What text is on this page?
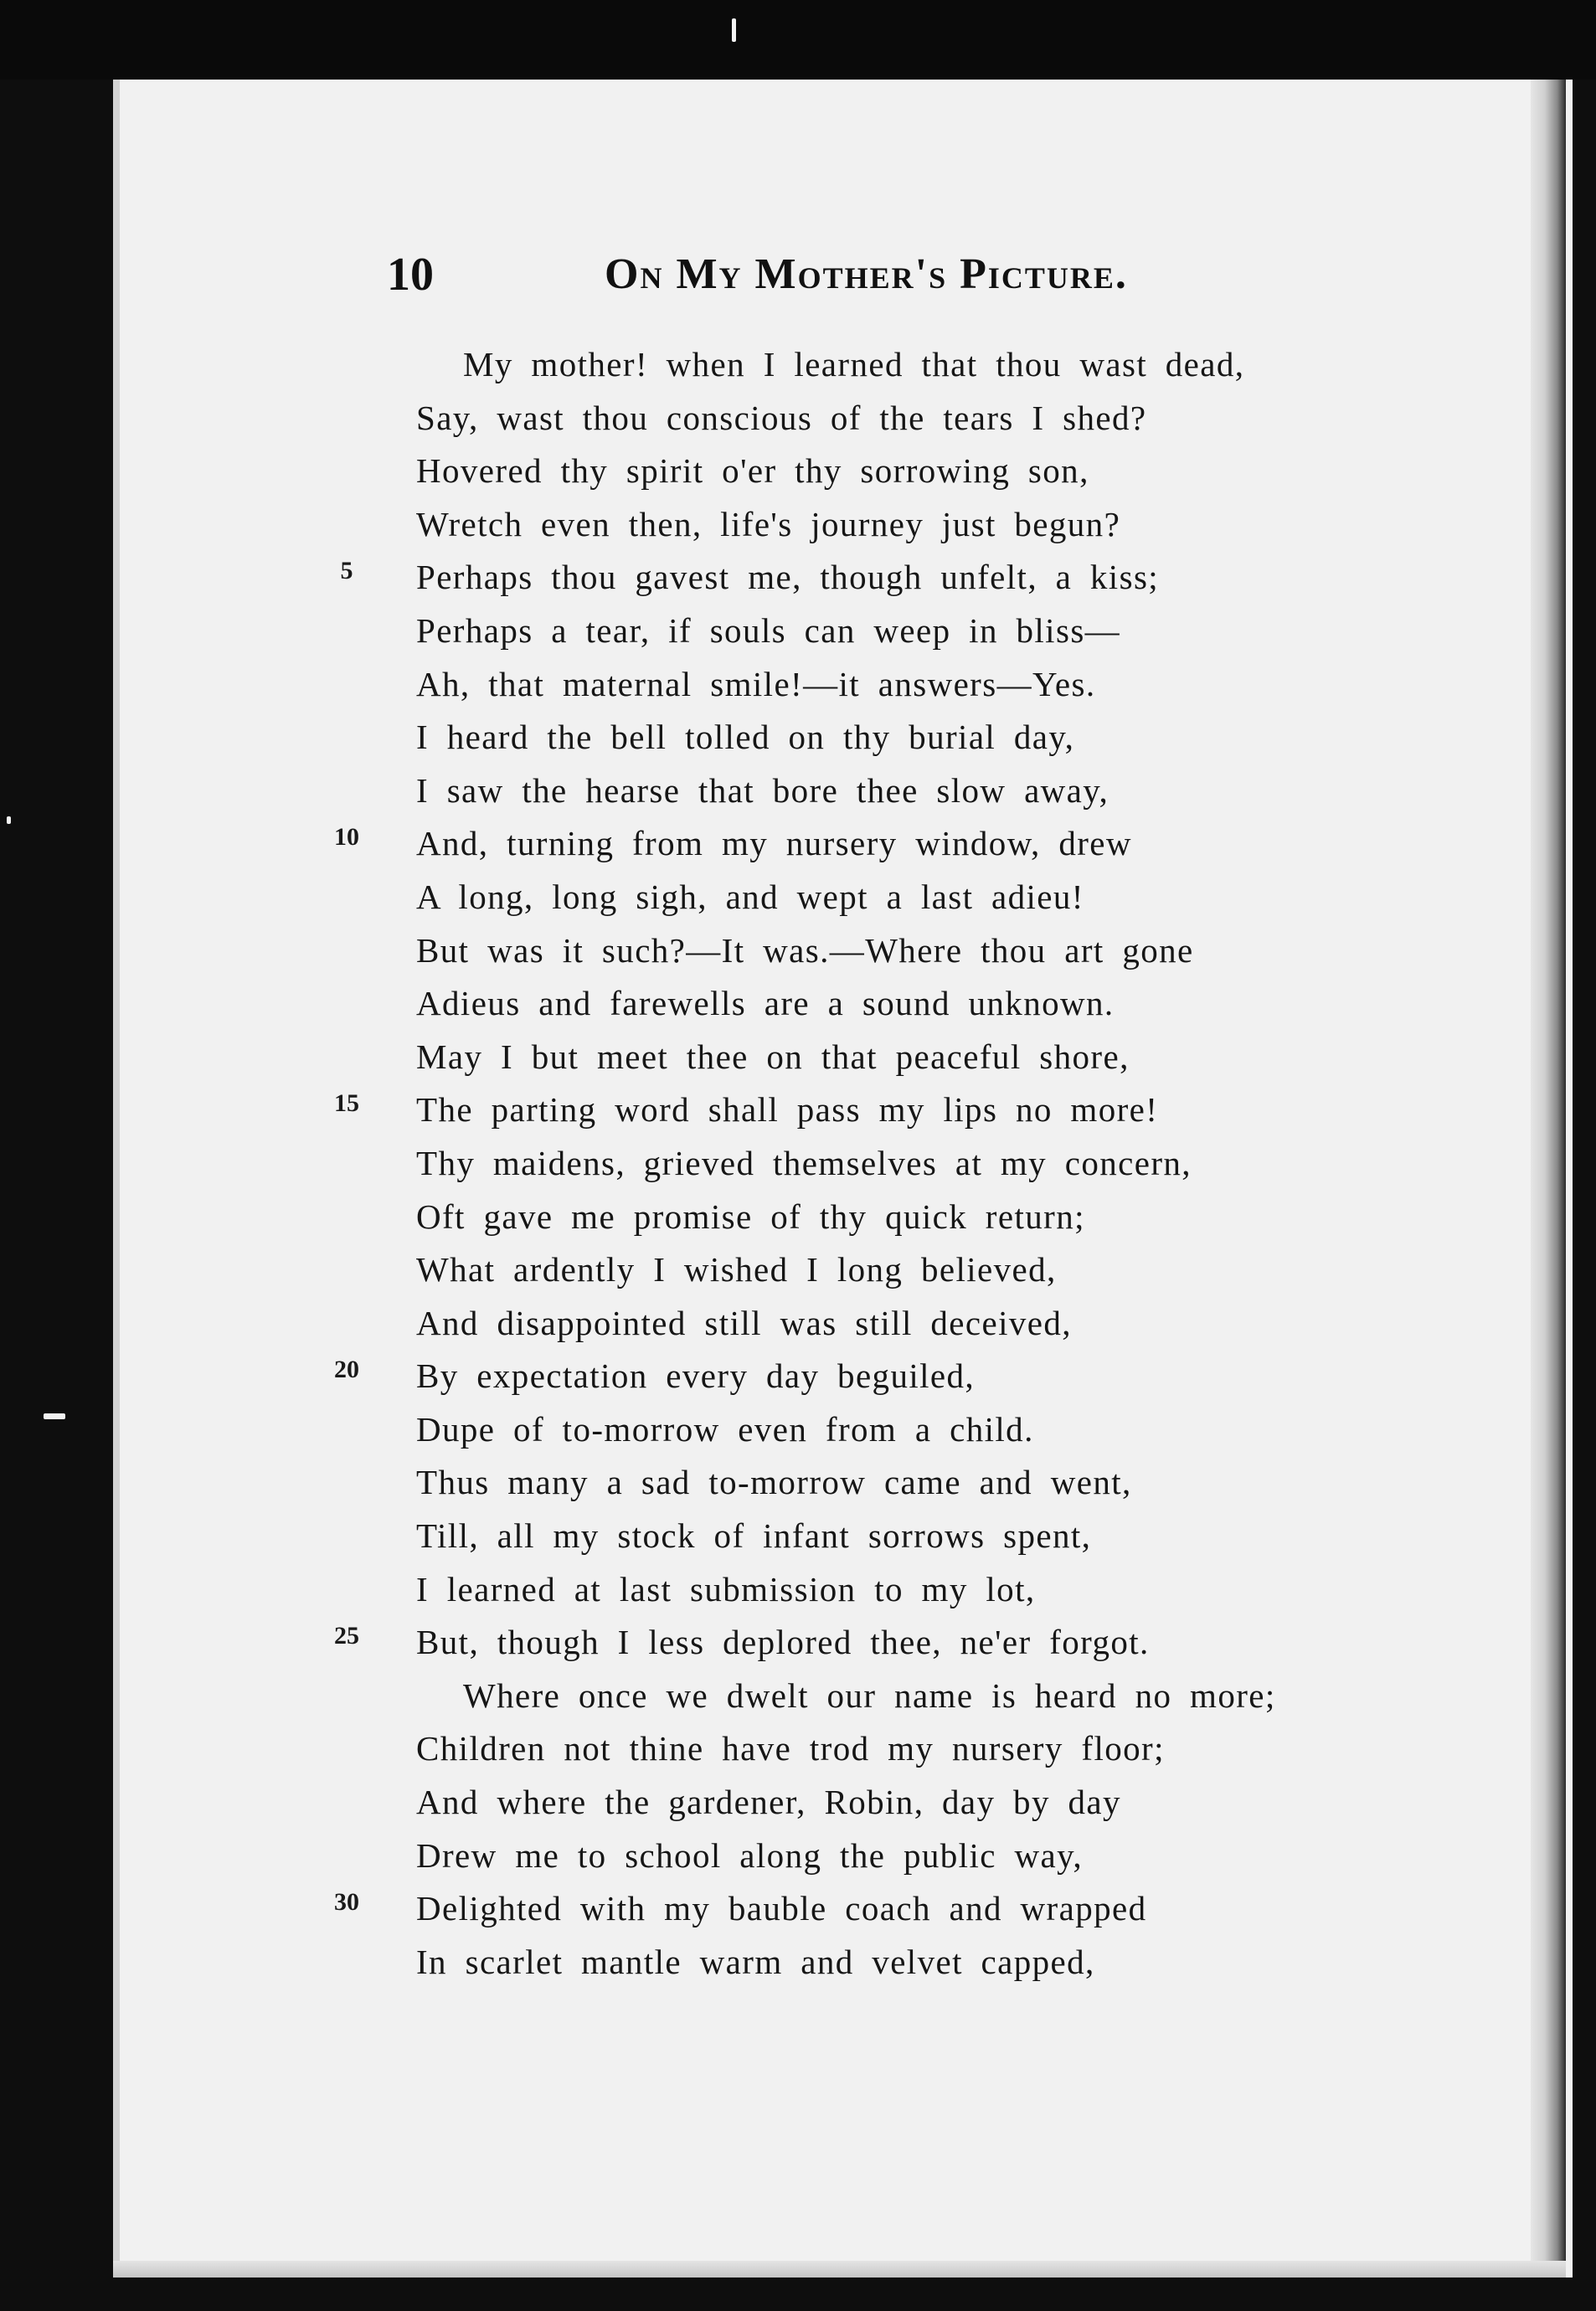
10	On My Mother's Picture.
My mother! when I learned that thou wast dead,
Say, wast thou conscious of the tears I shed?
Hovered thy spirit o'er thy sorrowing son,
Wretch even then, life's journey just begun?
5	Perhaps thou gavest me, though unfelt, a kiss;
Perhaps a tear, if souls can weep in bliss—
Ah, that maternal smile!—it answers—Yes.
I heard the bell tolled on thy burial day,
I saw the hearse that bore thee slow away,
10	And, turning from my nursery window, drew
A long, long sigh, and wept a last adieu!
But was it such?—It was.—Where thou art gone
Adieus and farewells are a sound unknown.
May I but meet thee on that peaceful shore,
15	The parting word shall pass my lips no more!
Thy maidens, grieved themselves at my concern,
Oft gave me promise of thy quick return;
What ardently I wished I long believed,
And disappointed still was still deceived,
20	By expectation every day beguiled,
Dupe of to-morrow even from a child.
Thus many a sad to-morrow came and went,
Till, all my stock of infant sorrows spent,
I learned at last submission to my lot,
25	But, though I less deplored thee, ne'er forgot.
Where once we dwelt our name is heard no more;
Children not thine have trod my nursery floor;
And where the gardener, Robin, day by day
Drew me to school along the public way,
30	Delighted with my bauble coach and wrapped
In scarlet mantle warm and velvet capped,
